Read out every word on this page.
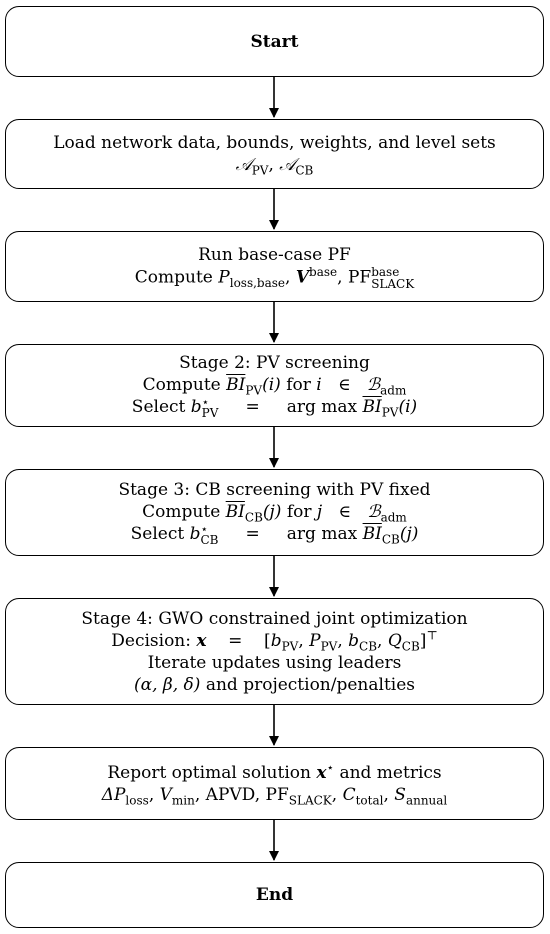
Start
Load network data, bounds, weights, and level sets
𝒜$_{PV}$, 𝒜$_{CB}$
Run base-case PF
Compute $P_{loss,base}$, $V^{base}$, PF base
SLACK
Stage 2: PV screening
Compute $\overline{BI}_{PV}(i)$ for i ∈ ℬ$_{adm}$
Select b ⋆
PV = arg $\max \overline{BI}_{PV}(i)$
Stage 3: CB screening with PV fixed
Compute $\overline{BI}_{CB}(j)$ for j ∈ ℬ$_{adm}$
Select b ⋆
CB = arg $\max \overline{BI}_{CB}(j)$
Stage 4: GWO constrained joint optimization
Decision: $x = [b_{PV}$, $P_{PV}$, $b_{CB}$, $Q_{CB}]^⊤$
Iterate updates using leaders
(α, β, δ) and projection/penalties
Report optimal solution x⋆ and metrics
$\Delta P_{loss}$, $V_{min}$, APVD, $PF_{SLACK}$, $C_{total}$, $S_{annual}$
End
